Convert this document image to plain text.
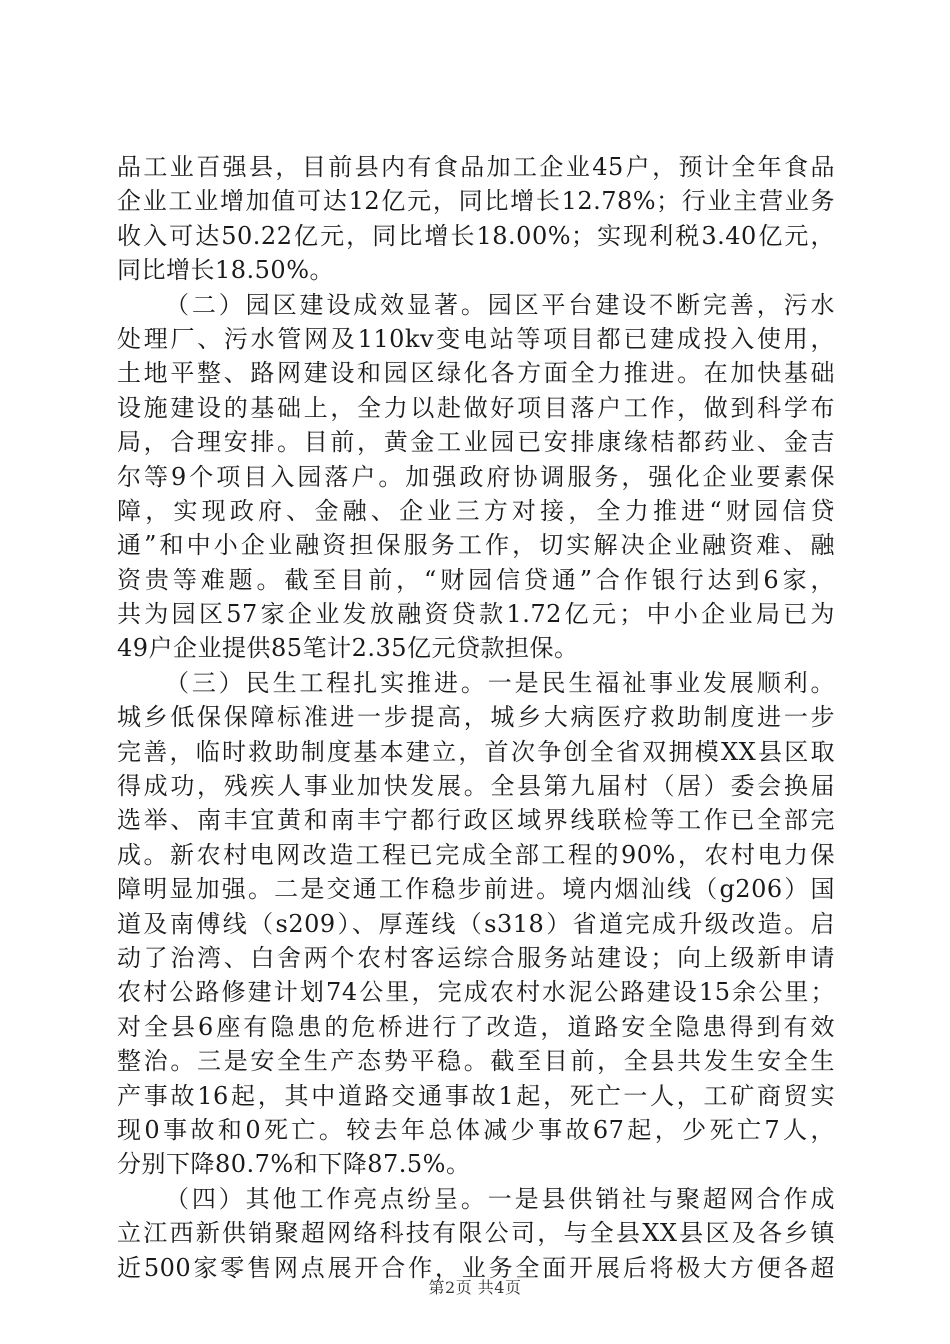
品工业百强县，目前县内有食品加工企业45户，预计全年食品
企业工业增加值可达12亿元，同比增长12.78%；行业主营业务
收入可达50.22亿元，同比增长18.00%；实现利税3.40亿元，
同比增长18.50%。
（二）园区建设成效显著。园区平台建设不断完善，污水
处理厂、污水管网及110kv变电站等项目都已建成投入使用，
土地平整、路网建设和园区绿化各方面全力推进。在加快基础
设施建设的基础上，全力以赴做好项目落户工作，做到科学布
局，合理安排。目前，黄金工业园已安排康缘桔都药业、金吉
尔等9个项目入园落户。加强政府协调服务，强化企业要素保
障，实现政府、金融、企业三方对接，全力推进“财园信贷
通”和中小企业融资担保服务工作，切实解决企业融资难、融
资贵等难题。截至目前，“财园信贷通”合作银行达到6家，
共为园区57家企业发放融资贷款1.72亿元；中小企业局已为
49户企业提供85笔计2.35亿元贷款担保。
（三）民生工程扎实推进。一是民生福祉事业发展顺利。
城乡低保保障标准进一步提高，城乡大病医疗救助制度进一步
完善，临时救助制度基本建立，首次争创全省双拥模XX县区取
得成功，残疾人事业加快发展。全县第九届村（居）委会换届
选举、南丰宜黄和南丰宁都行政区域界线联检等工作已全部完
成。新农村电网改造工程已完成全部工程的90%，农村电力保
障明显加强。二是交通工作稳步前进。境内烟汕线（g206）国
道及南傅线（s209）、厚莲线（s318）省道完成升级改造。启
动了治湾、白舍两个农村客运综合服务站建设；向上级新申请
农村公路修建计划74公里，完成农村水泥公路建设15余公里；
对全县6座有隐患的危桥进行了改造，道路安全隐患得到有效
整治。三是安全生产态势平稳。截至目前，全县共发生安全生
产事故16起，其中道路交通事故1起，死亡一人，工矿商贸实
现0事故和0死亡。较去年总体减少事故67起，少死亡7人，
分别下降80.7%和下降87.5%。
（四）其他工作亮点纷呈。一是县供销社与聚超网合作成
立江西新供销聚超网络科技有限公司，与全县XX县区及各乡镇
近500家零售网点展开合作，业务全面开展后将极大方便各超
第2页 共4页
